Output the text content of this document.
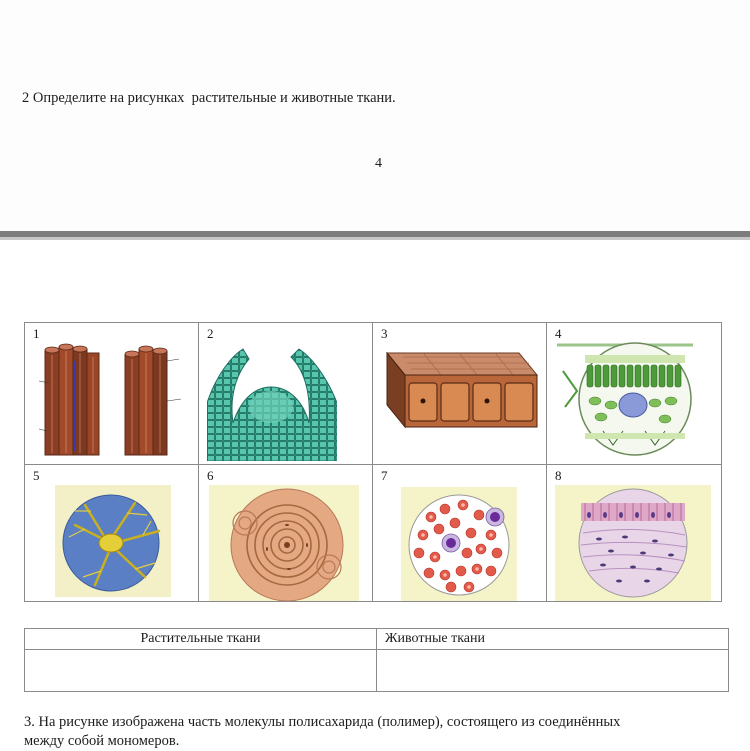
2 Определите на рисунках  растительные и животные ткани.
4
1	2	3	4
5	6	7	8
Растительные ткани	Животные ткани

3. На рисунке изображена часть молекулы полисахарида (полимер), состоящего из соединённых
между собой мономеров.
